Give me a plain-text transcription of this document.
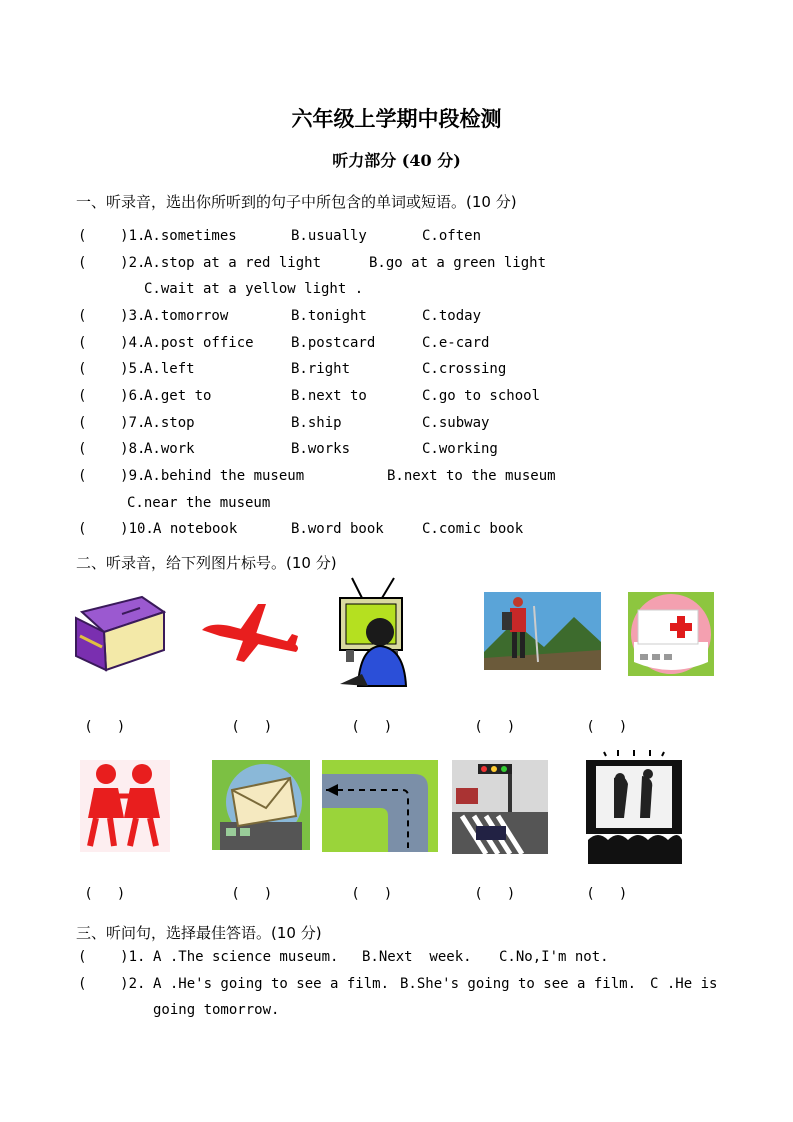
六年级上学期中段检测
听力部分 (40 分)
一、听录音，选出你所听到的句子中所包含的单词或短语。(10 分)
(    )1.
A.sometimes	B.usually	C.often
(    )2.
A.stop at a red light	B.go at a green light
C.wait at a yellow light .
(    )3.
A.tomorrow	B.tonight	C.today
(    )4.
A.post office	B.postcard	C.e-card
(    )5.
A.left	B.right	C.crossing
(    )6.
A.get to	B.next to	C.go to school
(    )7.
A.stop	B.ship	C.subway
(    )8.
A.work	B.works	C.working
(    )9.
A.behind the museum	B.next to the museum
C.near the museum
(    )10. A notebook	B.word book	C.comic book
二、听录音，给下列图片标号。(10 分)
(      )	(      )	(      )	(      )	(      )
(      )	(      )	(      )	(      )	(      )
三、听问句，选择最佳答语。(10 分)
(    )1. A .The science museum. B.Next  week. C.No,I'm not.
(    )2. A .He's going to see a film. B.She's going to see a film. C .He is
going tomorrow.
